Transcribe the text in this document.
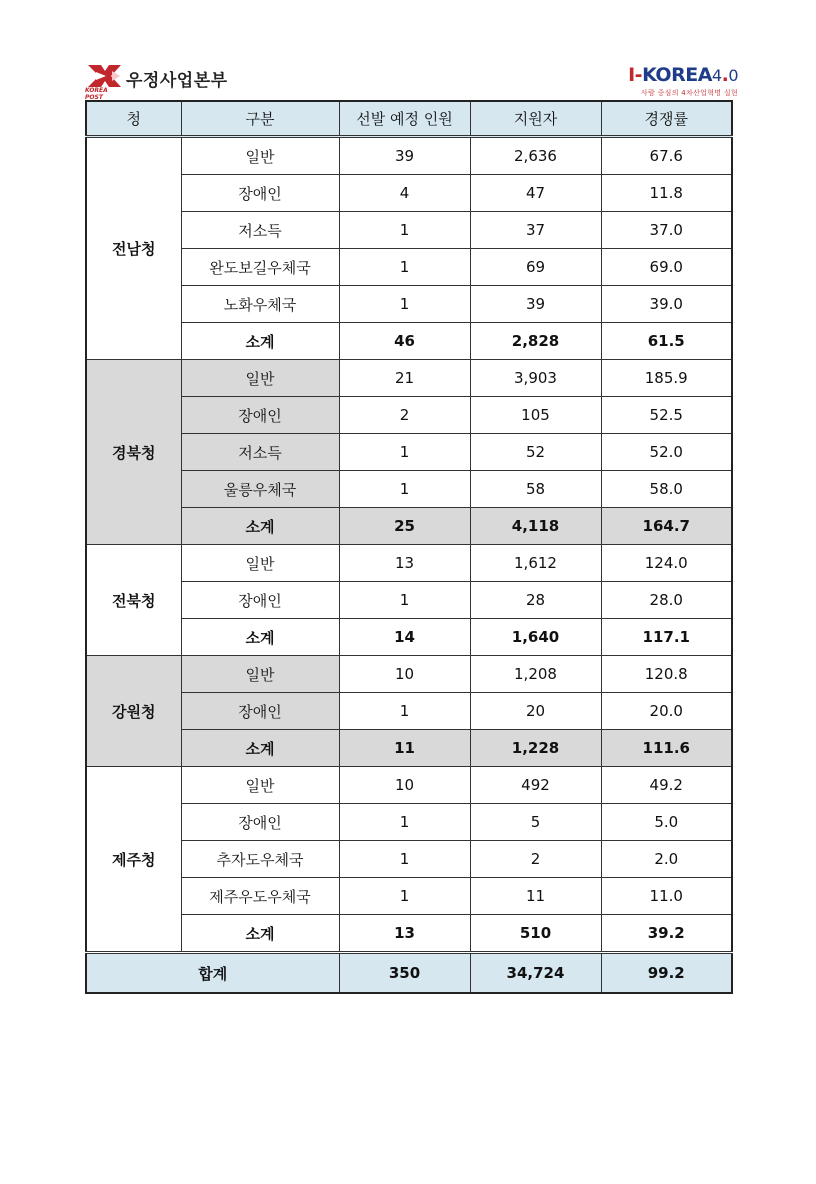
KOREA POST
우정사업본부	I-KOREA4.0
사람 중심의 4차산업혁명 실현
청	구분	선발 예정 인원	지원자	경쟁률
전남청	일반	39	2,636	67.6
	장애인	4	47	11.8
	저소득	1	37	37.0
	완도보길우체국	1	69	69.0
	노화우체국	1	39	39.0
	소계	46	2,828	61.5
경북청	일반	21	3,903	185.9
	장애인	2	105	52.5
	저소득	1	52	52.0
	울릉우체국	1	58	58.0
	소계	25	4,118	164.7
전북청	일반	13	1,612	124.0
	장애인	1	28	28.0
	소계	14	1,640	117.1
강원청	일반	10	1,208	120.8
	장애인	1	20	20.0
	소계	11	1,228	111.6
제주청	일반	10	492	49.2
	장애인	1	5	5.0
	추자도우체국	1	2	2.0
	제주우도우체국	1	11	11.0
	소계	13	510	39.2
합계		350	34,724	99.2
